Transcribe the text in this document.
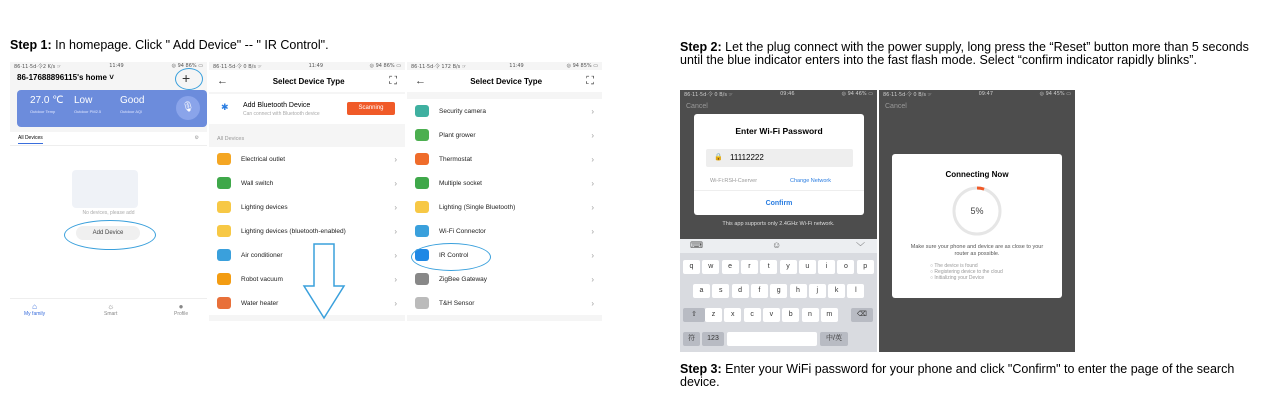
Step 1: In homepage. Click " Add Device" -- " IR Control".	Step 2: Let the plug connect with the power supply, long press the “Reset” button more than 5 seconds until the blue indicator enters into the fast flash mode. Select “confirm indicator rapidly blinks”.
Step 3: Enter your WiFi password for your phone and click "Confirm" to enter the page of the search device.
86·11·5d·令2 K/s ☞	11:49	◎ 94 86% ▭
86-17688896115's home ˅	+
27.0 ℃
Outdoor Temp
Low
Outdoor PM2.5
Good
Outdoor AQI	🎙
All Devices	⚙
No devices, please add
Add Device
⌂
My family
☼
Smart
●
Profile
86·11·5d·令 0 B/s ☞	11:49	◎ 94 86% ▭
←	Select Device Type	⛶
✱ Add Bluetooth Device
Can connect with Bluetooth device
Scanning
All Devices
Electrical outlet	›
Wall switch	›
Lighting devices	›
Lighting devices (bluetooth-enabled)	›
Air conditioner	›
Robot vacuum	›
Water heater	›
86·11·5d·令 172 B/s ☞	11:49	◎ 94 85% ▭
←	Select Device Type	⛶
Security camera	›
Plant grower	›
Thermostat	›
Multiple socket	›
Lighting (Single Bluetooth)	›
Wi-Fi Connector	›
IR Control	›
ZigBee Gateway	›
T&H Sensor	›
86·11·5d·令 0 B/s ☞	09:46	◎ 94 46% ▭
Cancel
Enter Wi-Fi Password
🔒 11112222
Wi-Fi:RSH-Cserver	Change Network
Confirm
This app supports only 2.4GHz Wi-Fi network.
⌨	☺	﹀
q	w	e	r	t	y	u	i	o	p
a	s	d	f	g	h	j	k	l
⇧	z	x	c	v	b	n	m	⌫
符	123	中/英
86·11·5d·令 0 B/s ☞	09:47	◎ 94 45% ▭
Cancel
Connecting Now
5%
Make sure your phone and device are as close to your router as possible.
○ The device is found
○ Registering device to the cloud
○ Initializing your Device
